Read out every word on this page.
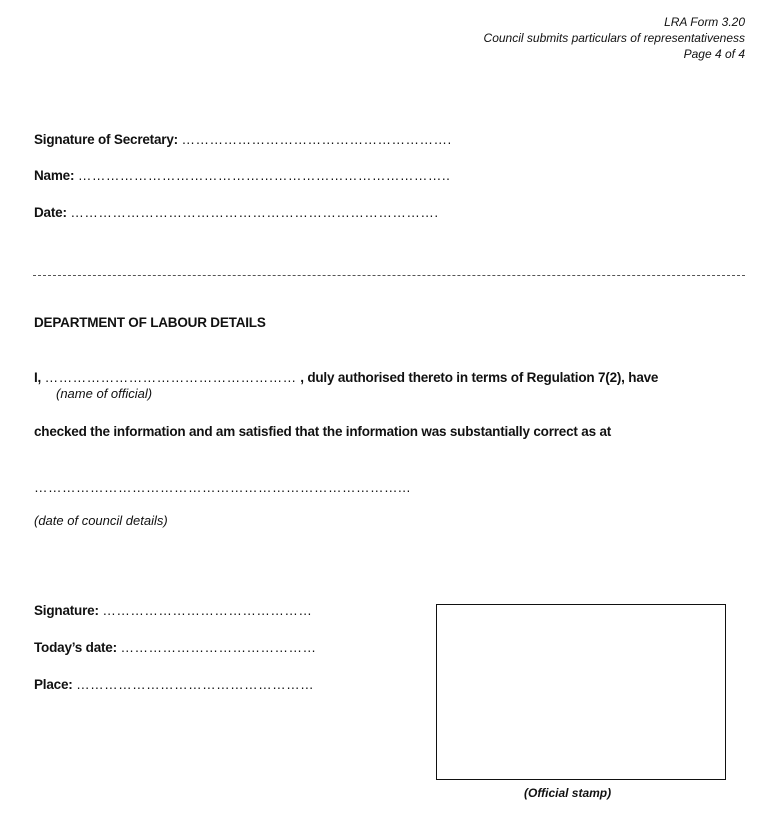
LRA Form 3.20
Council submits particulars of representativeness
Page 4 of 4
Signature of Secretary: ………………………………………………….
Name: ……………………………………………………………………..
Date: …………………………………………………………………….
DEPARTMENT OF LABOUR DETAILS
I, ……………………………………………… , duly authorised thereto in terms of Regulation 7(2), have
(name of official)
checked the information and am satisfied that the information was substantially correct as at
……………………………………………………………………...
(date of council details)
Signature: ………………………………………
Today’s date: ……………………………………
Place: ……………………………………………
(Official stamp)
